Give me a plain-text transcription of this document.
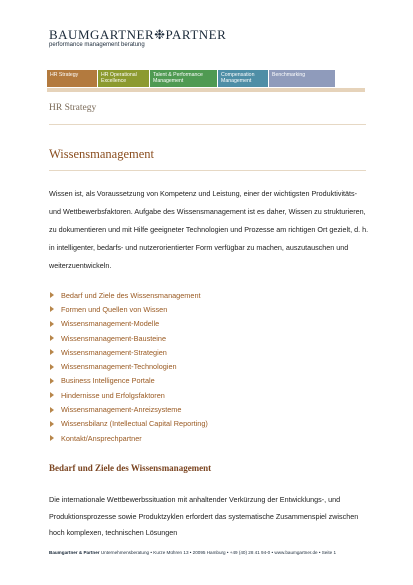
BAUMGARTNER❉PARTNER
performance management beratung
HR Strategy	HR Operational Excellence
Talent & Performance Management
Compensation Management
Benchmarking
HR Strategy
Wissensmanagement

Wissen ist, als Voraussetzung von Kompetenz und Leistung, einer der wichtigsten Produktivitäts- und Wettbewerbsfaktoren. Aufgabe des Wissensmanagement ist es daher, Wissen zu strukturieren, zu dokumentieren und mit Hilfe geeigneter Technologien und Prozesse am richtigen Ort gezielt, d. h. in intelligenter, bedarfs- und nutzerorientierter Form verfügbar zu machen, auszutauschen und weiterzuentwickeln.

Bedarf und Ziele des Wissensmanagement
Formen und Quellen von Wissen
Wissensmanagement-Modelle
Wissensmanagement-Bausteine
Wissensmanagement-Strategien
Wissensmanagement-Technologien
Business Intelligence Portale
Hindernisse und Erfolgsfaktoren
Wissensmanagement-Anreizsysteme
Wissensbilanz (Intellectual Capital Reporting)
Kontakt/Ansprechpartner
Bedarf und Ziele des Wissensmanagement

Die internationale Wettbewerbssituation mit anhaltender Verkürzung der Entwicklungs-, und Produktionsprozesse sowie Produktzyklen erfordert das systematische Zusammenspiel zwischen hoch komplexen, technischen Lösungen

Baumgartner & Partner Unternehmensberatung • Kurze Mühren 13 • 20095 Hamburg • +49 (40) 28 41 94-0 • www.baumgartner.de • Seite 1
